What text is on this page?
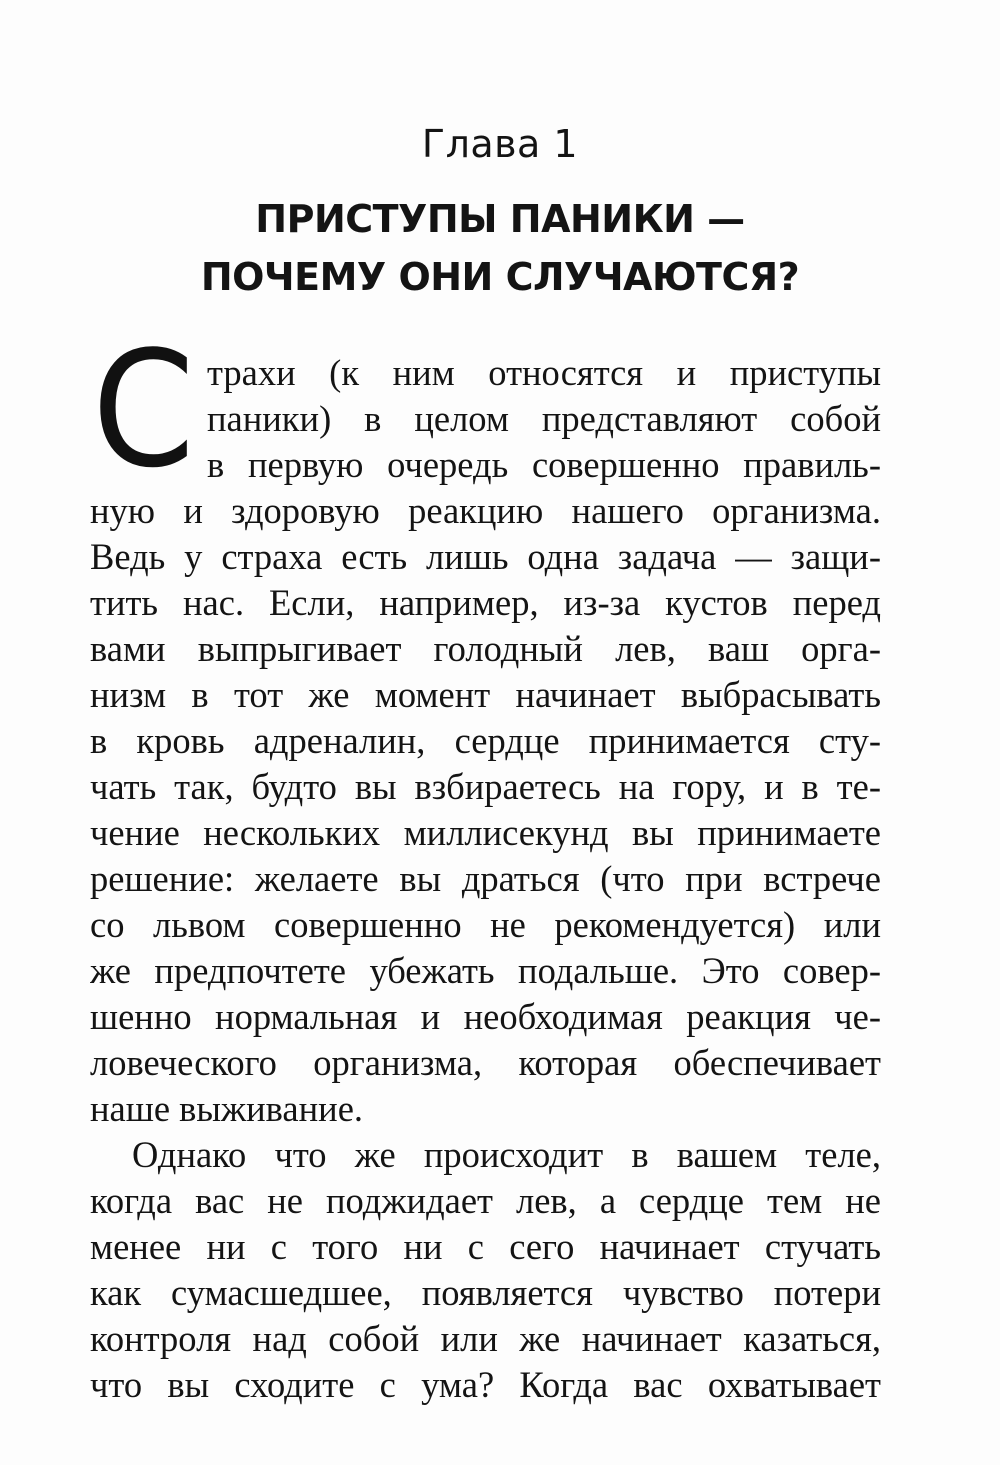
Глава 1
ПРИСТУПЫ ПАНИКИ —
ПОЧЕМУ ОНИ СЛУЧАЮТСЯ?
С трахи (к ним относятся и приступы
паники) в целом представляют собой
в первую очередь совершенно правиль-
ную и здоровую реакцию нашего организма.
Ведь у страха есть лишь одна задача — защи-
тить нас. Если, например, из-за кустов перед
вами выпрыгивает голодный лев, ваш орга-
низм в тот же момент начинает выбрасывать
в кровь адреналин, сердце принимается сту-
чать так, будто вы взбираетесь на гору, и в те-
чение нескольких миллисекунд вы принимаете
решение: желаете вы драться (что при встрече
со львом совершенно не рекомендуется) или
же предпочтете убежать подальше. Это совер-
шенно нормальная и необходимая реакция че-
ловеческого организма, которая обеспечивает
наше выживание.
Однако что же происходит в вашем теле,
когда вас не поджидает лев, а сердце тем не
менее ни с того ни с сего начинает стучать
как сумасшедшее, появляется чувство потери
контроля над собой или же начинает казаться,
что вы сходите с ума? Когда вас охватывает
